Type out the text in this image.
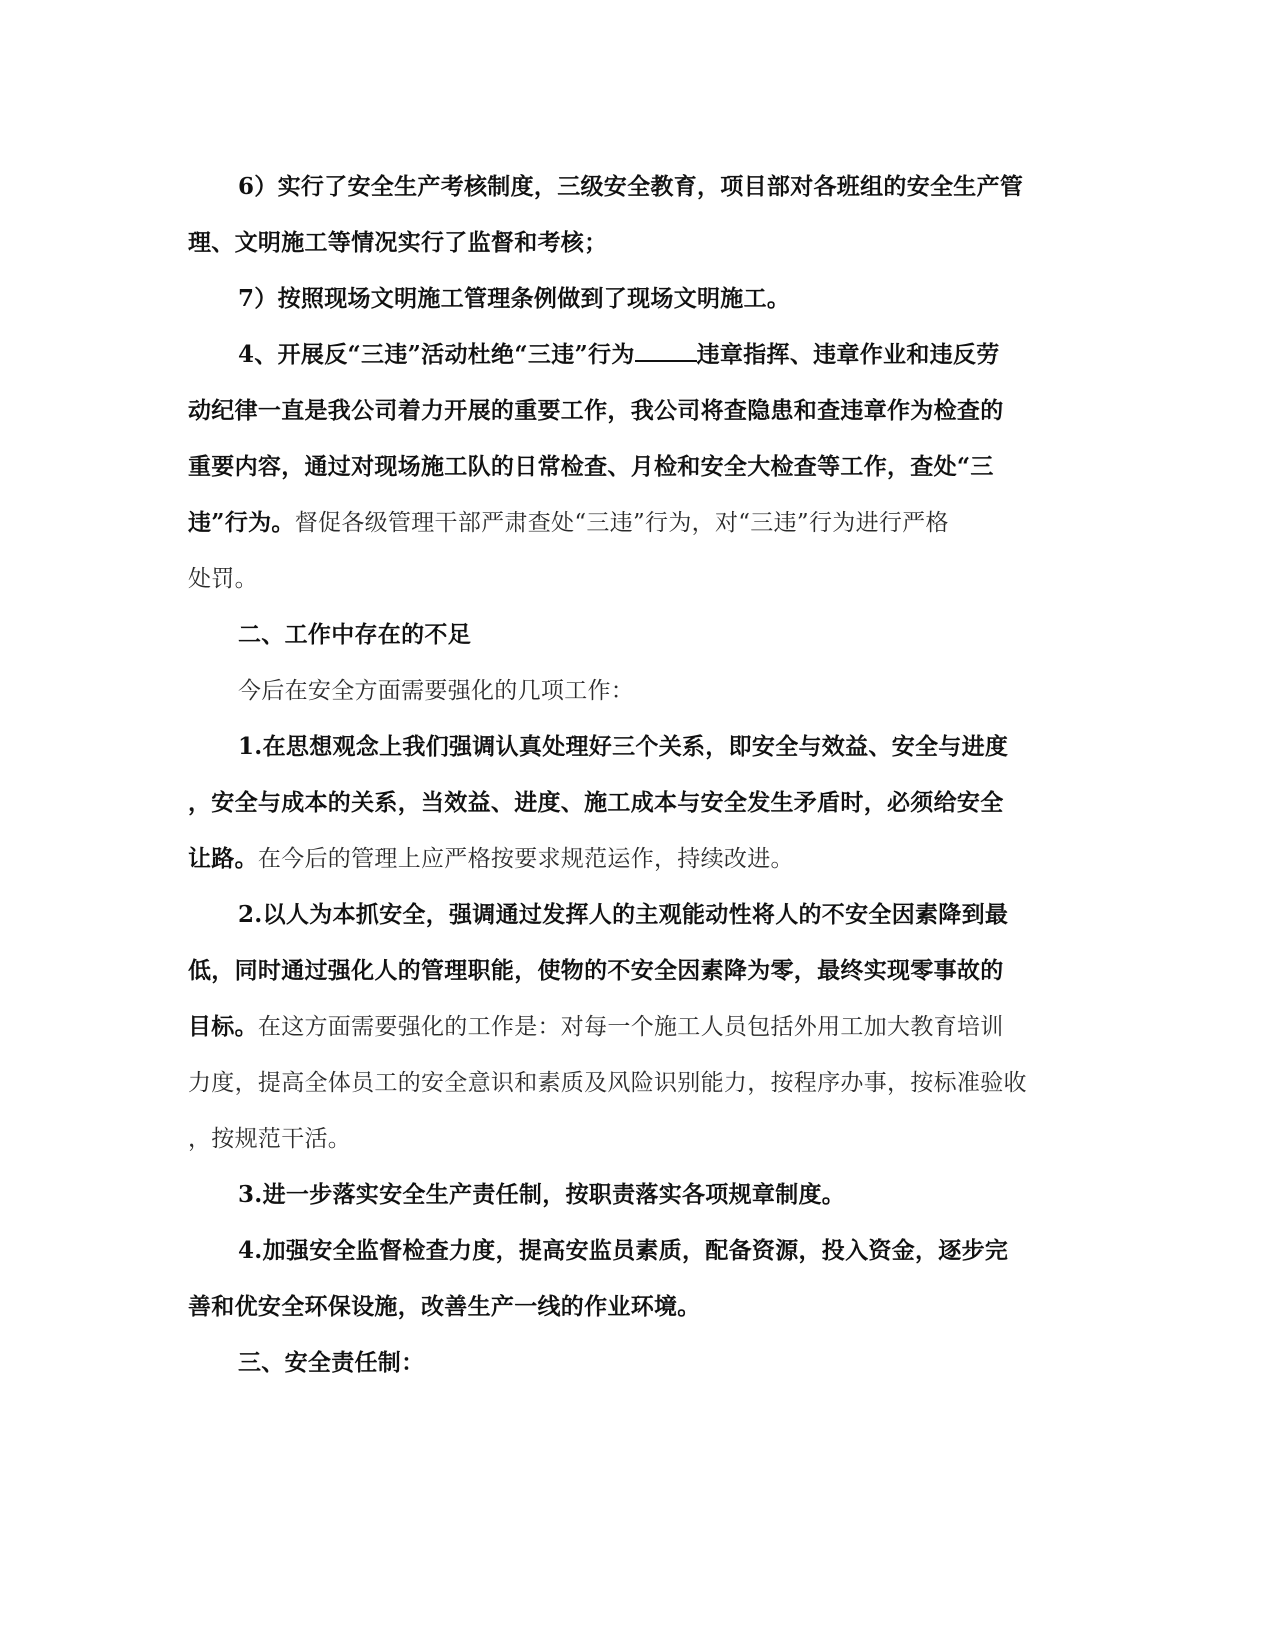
6）实行了安全生产考核制度，三级安全教育，项目部对各班组的安全生产管
理、文明施工等情况实行了监督和考核；
7）按照现场文明施工管理条例做到了现场文明施工。
4、开展反“三违”活动杜绝“三违”行为	违章指挥、违章作业和违反劳
动纪律一直是我公司着力开展的重要工作，我公司将查隐患和查违章作为检查的
重要内容，通过对现场施工队的日常检查、月检和安全大检查等工作，查处“三
违”行为。督促各级管理干部严肃查处“三违”行为，对“三违”行为进行严格
处罚。
二、工作中存在的不足
今后在安全方面需要强化的几项工作：
1.在思想观念上我们强调认真处理好三个关系，即安全与效益、安全与进度
，安全与成本的关系，当效益、进度、施工成本与安全发生矛盾时，必须给安全
让路。在今后的管理上应严格按要求规范运作，持续改进。
2.以人为本抓安全，强调通过发挥人的主观能动性将人的不安全因素降到最
低，同时通过强化人的管理职能，使物的不安全因素降为零，最终实现零事故的
目标。在这方面需要强化的工作是：对每一个施工人员包括外用工加大教育培训
力度，提高全体员工的安全意识和素质及风险识别能力，按程序办事，按标准验收
，按规范干活。
3.进一步落实安全生产责任制，按职责落实各项规章制度。
4.加强安全监督检查力度，提高安监员素质，配备资源，投入资金，逐步完
善和优安全环保设施，改善生产一线的作业环境。
三、安全责任制：
